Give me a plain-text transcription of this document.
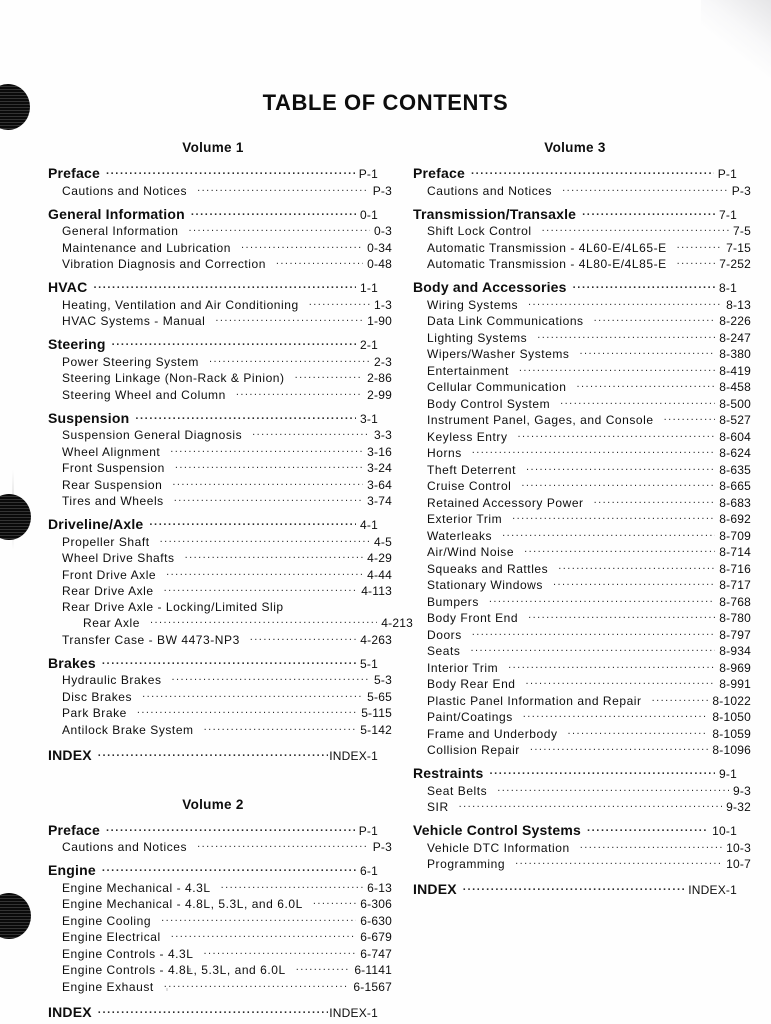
TABLE OF CONTENTS
Volume 1
Preface .....	P-1
Cautions and Notices .....	P-3
General Information .....	0-1
General Information .....	0-3
Maintenance and Lubrication .....	0-34
Vibration Diagnosis and Correction .....	0-48
HVAC .....	1-1
Heating, Ventilation and Air Conditioning .....	1-3
HVAC Systems - Manual .....	1-90
Steering .....	2-1
Power Steering System .....	2-3
Steering Linkage (Non-Rack & Pinion) .....	2-86
Steering Wheel and Column .....	2-99
Suspension .....	3-1
Suspension General Diagnosis .....	3-3
Wheel Alignment .....	3-16
Front Suspension .....	3-24
Rear Suspension .....	3-64
Tires and Wheels .....	3-74
Driveline/Axle .....	4-1
Propeller Shaft .....	4-5
Wheel Drive Shafts .....	4-29
Front Drive Axle .....	4-44
Rear Drive Axle .....	4-113
Rear Drive Axle - Locking/Limited Slip
Rear Axle .....	4-213
Transfer Case - BW 4473-NP3 .....	4-263
Brakes .....	5-1
Hydraulic Brakes .....	5-3
Disc Brakes .....	5-65
Park Brake .....	5-115
Antilock Brake System .....	5-142
INDEX .....	INDEX-1
Volume 2
Preface .....	P-1
Cautions and Notices .....	P-3
Engine .....	6-1
Engine Mechanical - 4.3L .....	6-13
Engine Mechanical - 4.8L, 5.3L, and 6.0L .....	6-306
Engine Cooling .....	6-630
Engine Electrical .....	6-679
Engine Controls - 4.3L .....	6-747
Engine Controls - 4.8L, 5.3L, and 6.0L .....	6-1141
Engine Exhaust .....	6-1567
INDEX .....	INDEX-1
Volume 3
Preface .....	P-1
Cautions and Notices .....	P-3
Transmission/Transaxle .....	7-1
Shift Lock Control .....	7-5
Automatic Transmission - 4L60-E/4L65-E .....	7-15
Automatic Transmission - 4L80-E/4L85-E .....	7-252
Body and Accessories .....	8-1
Wiring Systems .....	8-13
Data Link Communications .....	8-226
Lighting Systems .....	8-247
Wipers/Washer Systems .....	8-380
Entertainment .....	8-419
Cellular Communication .....	8-458
Body Control System .....	8-500
Instrument Panel, Gages, and Console .....	8-527
Keyless Entry .....	8-604
Horns .....	8-624
Theft Deterrent .....	8-635
Cruise Control .....	8-665
Retained Accessory Power .....	8-683
Exterior Trim .....	8-692
Waterleaks .....	8-709
Air/Wind Noise .....	8-714
Squeaks and Rattles .....	8-716
Stationary Windows .....	8-717
Bumpers .....	8-768
Body Front End .....	8-780
Doors .....	8-797
Seats .....	8-934
Interior Trim .....	8-969
Body Rear End .....	8-991
Plastic Panel Information and Repair .....	8-1022
Paint/Coatings .....	8-1050
Frame and Underbody .....	8-1059
Collision Repair .....	8-1096
Restraints .....	9-1
Seat Belts .....	9-3
SIR .....	9-32
Vehicle Control Systems .....	10-1
Vehicle DTC Information .....	10-3
Programming .....	10-7
INDEX .....	INDEX-1
